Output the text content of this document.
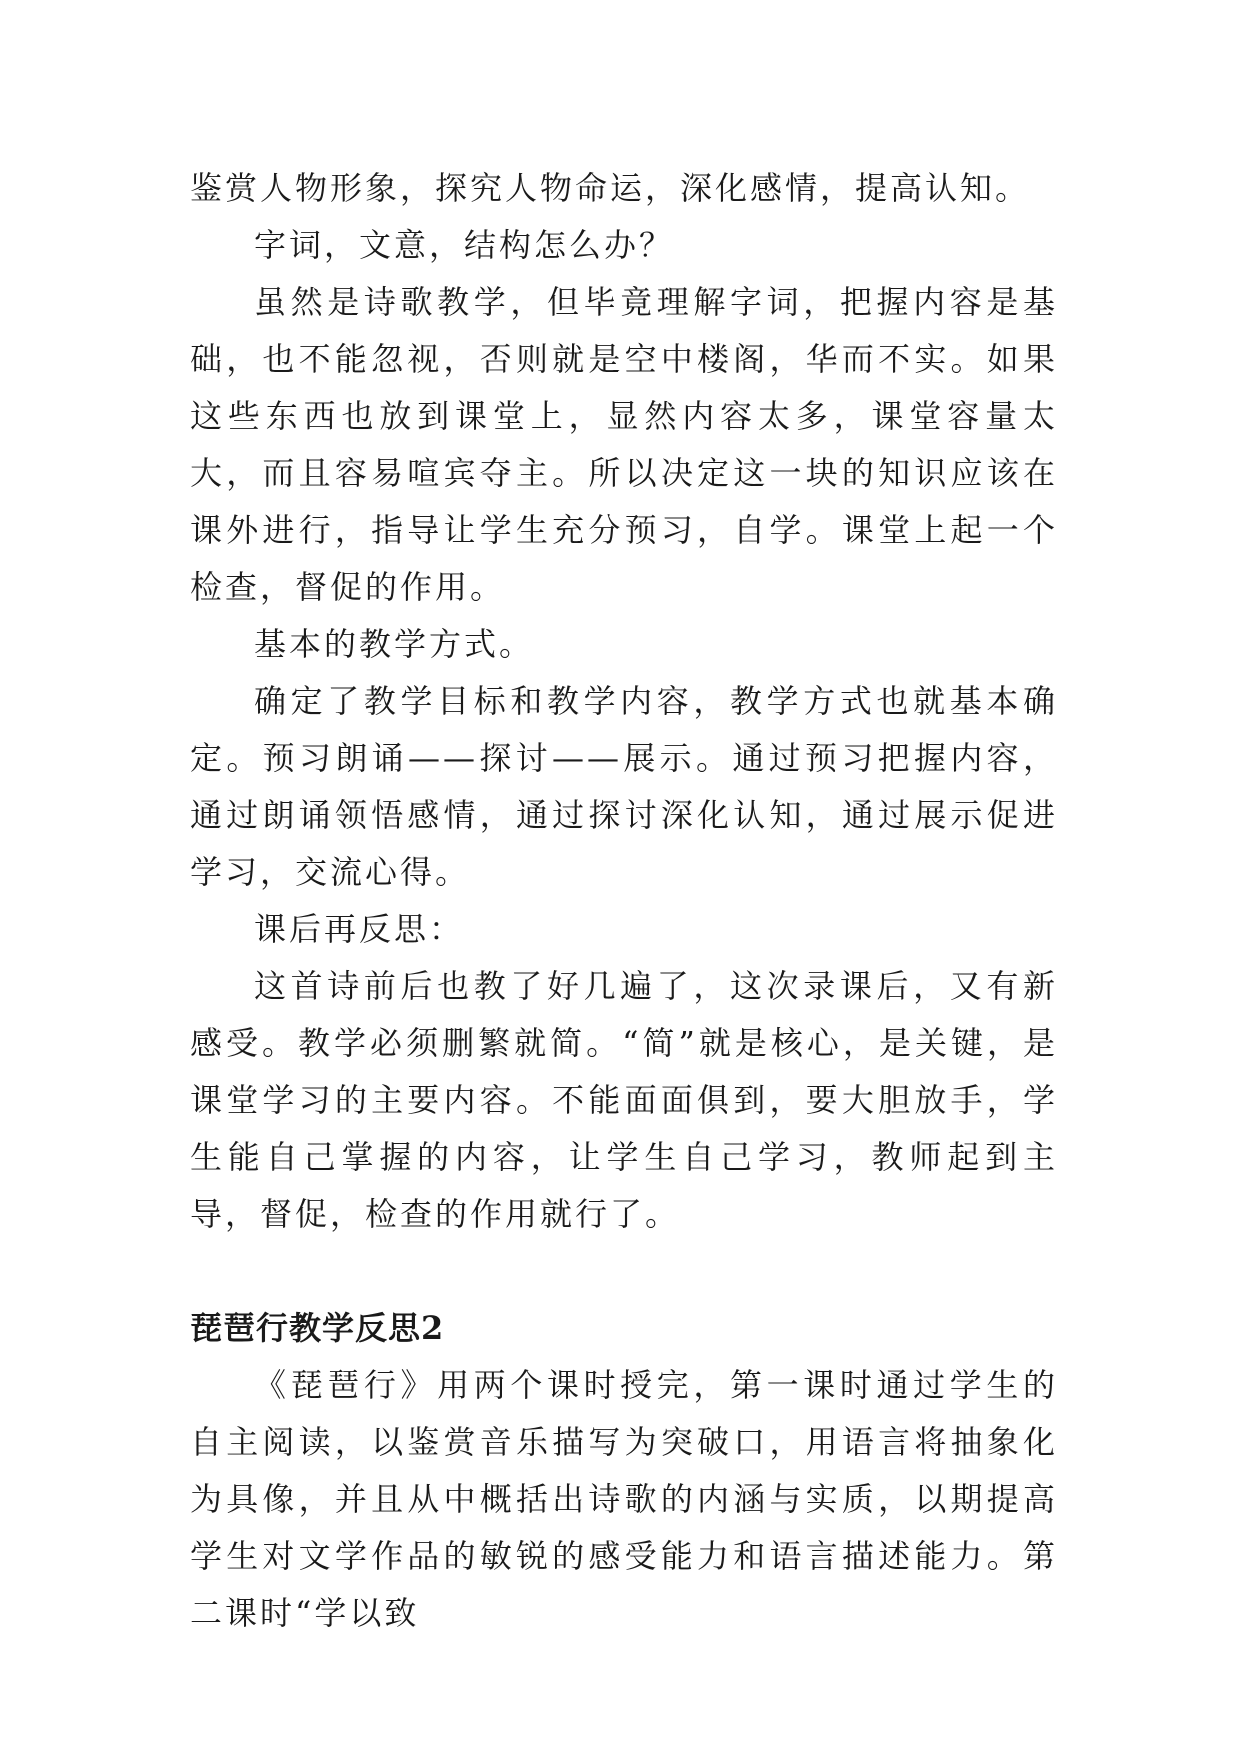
鉴赏人物形象，探究人物命运，深化感情，提高认知。

字词，文意，结构怎么办？

虽然是诗歌教学，但毕竟理解字词，把握内容是基础，也不能忽视，否则就是空中楼阁，华而不实。如果这些东西也放到课堂上，显然内容太多，课堂容量太大，而且容易喧宾夺主。所以决定这一块的知识应该在课外进行，指导让学生充分预习，自学。课堂上起一个检查，督促的作用。

基本的教学方式。

确定了教学目标和教学内容，教学方式也就基本确定。预习朗诵——探讨——展示。通过预习把握内容，通过朗诵领悟感情，通过探讨深化认知，通过展示促进学习，交流心得。

课后再反思：

这首诗前后也教了好几遍了，这次录课后，又有新感受。教学必须删繁就简。“简”就是核心，是关键，是课堂学习的主要内容。不能面面俱到，要大胆放手，学生能自己掌握的内容，让学生自己学习，教师起到主导，督促，检查的作用就行了。

琵琶行教学反思2

《琵琶行》用两个课时授完，第一课时通过学生的自主阅读，以鉴赏音乐描写为突破口，用语言将抽象化为具像，并且从中概括出诗歌的内涵与实质，以期提高学生对文学作品的敏锐的感受能力和语言描述能力。第二课时“学以致
